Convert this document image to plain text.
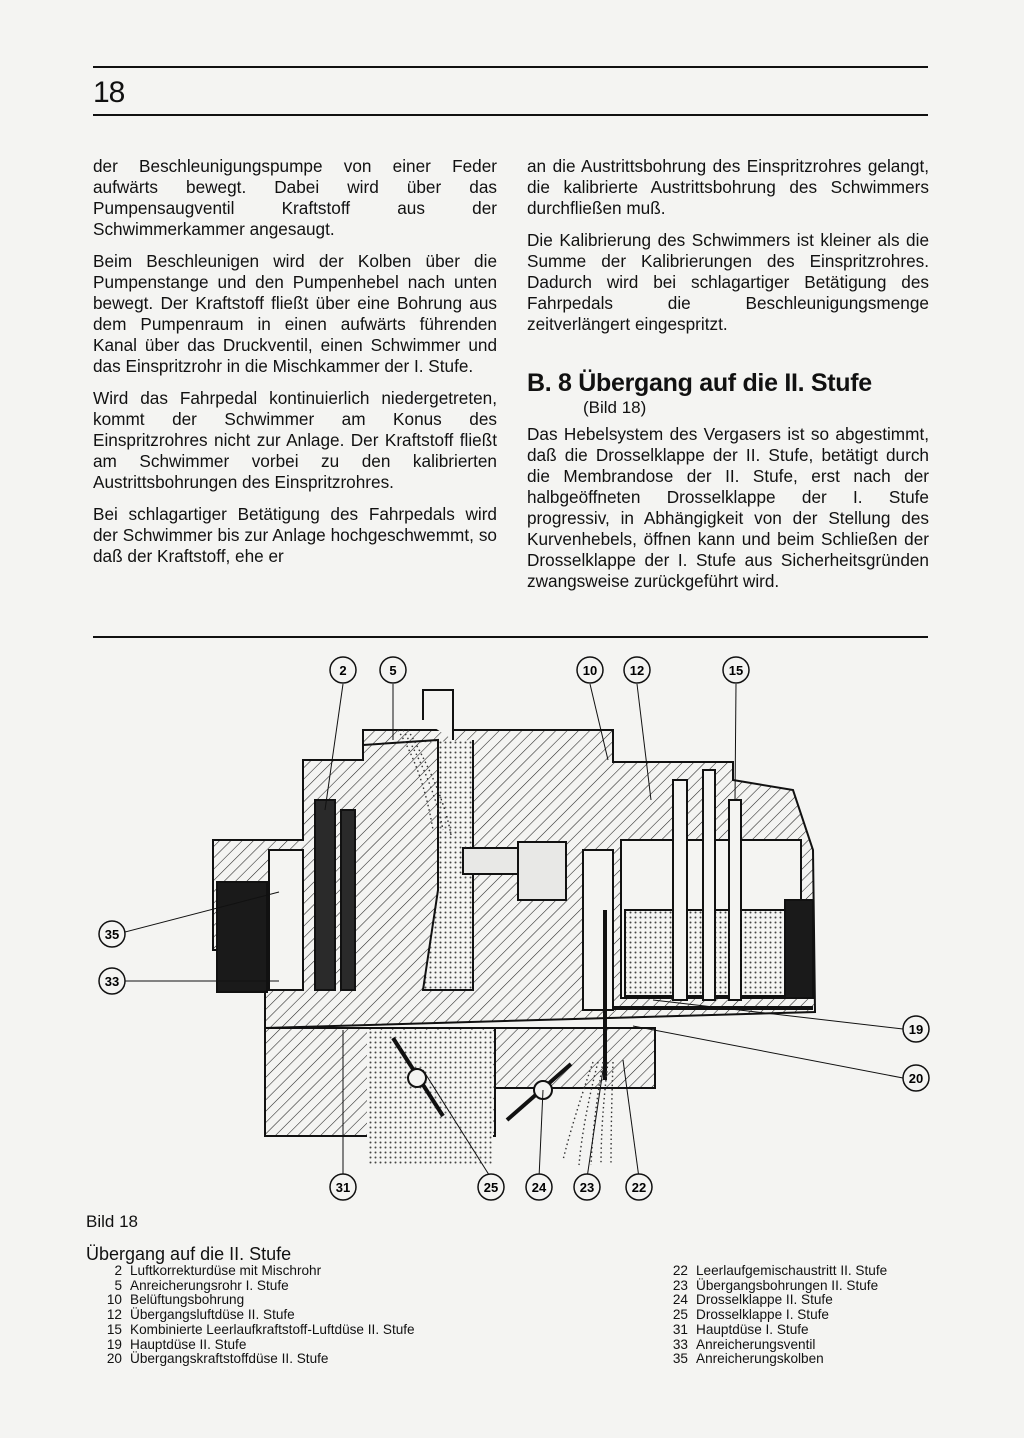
18

der Beschleunigungspumpe von einer Feder aufwärts bewegt. Dabei wird über das Pumpensaugventil Kraftstoff aus der Schwimmerkammer angesaugt.

Beim Beschleunigen wird der Kolben über die Pumpenstange und den Pumpenhebel nach unten bewegt. Der Kraftstoff fließt über eine Bohrung aus dem Pumpenraum in einen aufwärts führenden Kanal über das Druckventil, einen Schwimmer und das Einspritzrohr in die Mischkammer der I. Stufe.

Wird das Fahrpedal kontinuierlich niedergetreten, kommt der Schwimmer am Konus des Einspritzrohres nicht zur Anlage. Der Kraftstoff fließt am Schwimmer vorbei zu den kalibrierten Austrittsbohrungen des Einspritzrohres.

Bei schlagartiger Betätigung des Fahrpedals wird der Schwimmer bis zur Anlage hochgeschwemmt, so daß der Kraftstoff, ehe er

an die Austrittsbohrung des Einspritzrohres gelangt, die kalibrierte Austrittsbohrung des Schwimmers durchfließen muß.

Die Kalibrierung des Schwimmers ist kleiner als die Summe der Kalibrierungen des Einspritzrohres. Dadurch wird bei schlagartiger Betätigung des Fahrpedals die Beschleunigungsmenge zeitverlängert eingespritzt.

B. 8 Übergang auf die II. Stufe
(Bild 18)

Das Hebelsystem des Vergasers ist so abgestimmt, daß die Drosselklappe der II. Stufe, betätigt durch die Membrandose der II. Stufe, erst nach der halbgeöffneten Drosselklappe der I. Stufe progressiv, in Abhängigkeit von der Stellung des Kurvenhebels, öffnen kann und beim Schließen der Drosselklappe der I. Stufe aus Sicherheitsgründen zwangsweise zurückgeführt wird.

2	5	10	12	15
35
33
19
20
31	25	24	23	22
Bild 18
Übergang auf die II. Stufe
2 Luftkorrekturdüse mit Mischrohr
5 Anreicherungsrohr I. Stufe
10 Belüftungsbohrung
12 Übergangsluftdüse II. Stufe
15 Kombinierte Leerlaufkraftstoff-Luftdüse II. Stufe
19 Hauptdüse II. Stufe
20 Übergangskraftstoffdüse II. Stufe
22 Leerlaufgemischaustritt II. Stufe
23 Übergangsbohrungen II. Stufe
24 Drosselklappe II. Stufe
25 Drosselklappe I. Stufe
31 Hauptdüse I. Stufe
33 Anreicherungsventil
35 Anreicherungskolben
